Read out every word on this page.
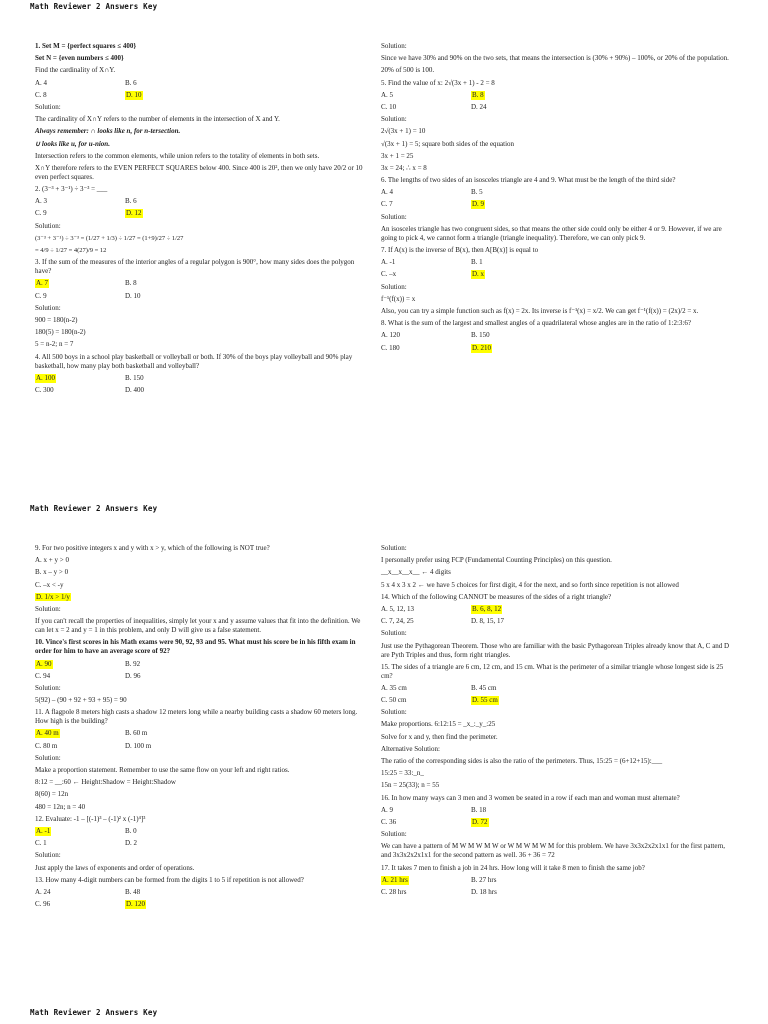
Math Reviewer 2 Answers Key
Math Reviewer 2 Answers Key
Math Reviewer 2 Answers Key

1. Set M = {perfect squares ≤ 400}

Set N = {even numbers ≤ 400}

Find the cardinality of X∩Y.

A. 4	B. 6

C. 8	D. 10

Solution:

The cardinality of X∩Y refers to the number of elements in the intersection of X and Y.

Always remember: ∩ looks like n, for n-tersection.

∪ looks like u, for u-nion.

Intersection refers to the common elements, while union refers to the totality of elements in both sets.

X∩Y therefore refers to the EVEN PERFECT SQUARES below 400. Since 400 is 20², then we only have 20/2 or 10 even perfect squares.

2. (3⁻³ + 3⁻¹) ÷ 3⁻³ = ___

A. 3	B. 6

C. 9	D. 12

Solution:

(3⁻³ + 3⁻¹) ÷ 3⁻³ = (1/27 + 1/3) ÷ 1/27 = (1+9)/27 ÷ 1/27

= 4/9 ÷ 1/27 = 4(27)/9 = 12

3. If the sum of the measures of the interior angles of a regular polygon is 900°, how many sides does the polygon have?

A. 7	B. 8

C. 9	D. 10

Solution:

900 = 180(n-2)

180(5) = 180(n-2)

5 = n-2; n = 7

4. All 500 boys in a school play basketball or volleyball or both. If 30% of the boys play volleyball and 90% play basketball, how many play both basketball and volleyball?

A. 100	B. 150

C. 300	D. 400

Solution:

Since we have 30% and 90% on the two sets, that means the intersection is (30% + 90%) – 100%, or 20% of the population.

20% of 500 is 100.

5. Find the value of x: 2√(3x + 1) - 2 = 8

A. 5	B. 8

C. 10	D. 24

Solution:

2√(3x + 1) = 10

√(3x + 1) = 5; square both sides of the equation

3x + 1 = 25

3x = 24; ∴ x = 8

6. The lengths of two sides of an isosceles triangle are 4 and 9. What must be the length of the third side?

A. 4	B. 5

C. 7	D. 9

Solution:

An isosceles triangle has two congruent sides, so that means the other side could only be either 4 or 9. However, if we are going to pick 4, we cannot form a triangle (triangle inequality). Therefore, we can only pick 9.

7. If A(x) is the inverse of B(x), then A[B(x)] is equal to

A. -1	B. 1

C. –x	D. x

Solution:

f⁻¹(f(x)) = x

Also, you can try a simple function such as f(x) = 2x. Its inverse is f⁻¹(x) = x/2. We can get f⁻¹(f(x)) = (2x)/2 = x.

8. What is the sum of the largest and smallest angles of a quadrilateral whose angles are in the ratio of 1:2:3:6?

A. 120	B. 150

C. 180	D. 210

9. For two positive integers x and y with x > y, which of the following is NOT true?

A. x + y > 0

B. x – y > 0

C. –x < -y

D. 1/x > 1/y

Solution:

If you can't recall the properties of inequalities, simply let your x and y assume values that fit into the definition. We can let x = 2 and y = 1 in this problem, and only D will give us a false statement.

10. Vince's first scores in his Math exams were 90, 92, 93 and 95. What must his score be in his fifth exam in order for him to have an average score of 92?

A. 90	B. 92

C. 94	D. 96

Solution:

5(92) – (90 + 92 + 93 + 95) = 90

11. A flagpole 8 meters high casts a shadow 12 meters long while a nearby building casts a shadow 60 meters long. How high is the building?

A. 40 m	B. 60 m

C. 80 m	D. 100 m

Solution:

Make a proportion statement. Remember to use the same flow on your left and right ratios.

8:12 = __:60 ← Height:Shadow = Height:Shadow

8(60) = 12n

480 = 12n; n = 40

12. Evaluate: -1 – [(-1)³ – (-1)² x (-1)⁴]³

A. -1	B. 0

C. 1	D. 2

Solution:

Just apply the laws of exponents and order of operations.

13. How many 4-digit numbers can be formed from the digits 1 to 5 if repetition is not allowed?

A. 24	B. 48

C. 96	D. 120

Solution:

I personally prefer using FCP (Fundamental Counting Principles) on this question.

__x__x__x__ ← 4 digits

5 x 4 x 3 x 2 ← we have 5 choices for first digit, 4 for the next, and so forth since repetition is not allowed

14. Which of the following CANNOT be measures of the sides of a right triangle?

A. 5, 12, 13	B. 6, 8, 12

C. 7, 24, 25	D. 8, 15, 17

Solution:

Just use the Pythagorean Theorem. Those who are familiar with the basic Pythagorean Triples already know that A, C and D are Pyth Triples and thus, form right triangles.

15. The sides of a triangle are 6 cm, 12 cm, and 15 cm. What is the perimeter of a similar triangle whose longest side is 25 cm?

A. 35 cm	B. 45 cm

C. 50 cm	D. 55 cm

Solution:

Make proportions. 6:12:15 = _x_:_y_:25

Solve for x and y, then find the perimeter.

Alternative Solution:

The ratio of the corresponding sides is also the ratio of the perimeters. Thus, 15:25 = (6+12+15):___

15:25 = 33:_n_

15n = 25(33); n = 55

16. In how many ways can 3 men and 3 women be seated in a row if each man and woman must alternate?

A. 9	B. 18

C. 36	D. 72

Solution:

We can have a pattern of M W M W M W or W M W M W M for this problem. We have 3x3x2x2x1x1 for the first pattern, and 3x3x2x2x1x1 for the second pattern as well. 36 + 36 = 72

17. It takes 7 men to finish a job in 24 hrs. How long will it take 8 men to finish the same job?

A. 21 hrs	B. 27 hrs

C. 28 hrs	D. 18 hrs
